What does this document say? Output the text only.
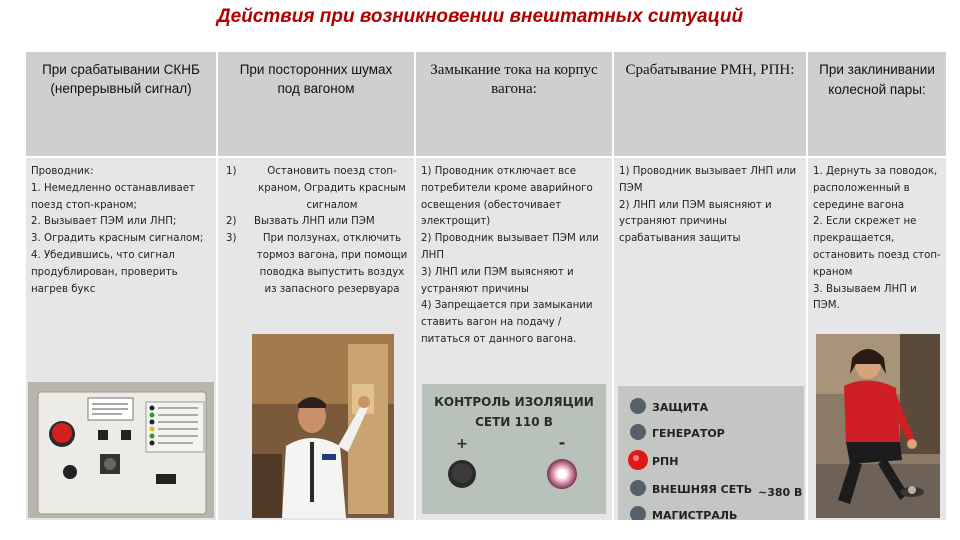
Действия при возникновении внештатных ситуаций
При срабатывании СКНБ (непрерывный сигнал)
Проводник:
1. Немедленно останавливает поезд стоп-краном;
2. Вызывает ПЭМ или ЛНП;
3. Оградить красным сигналом;
4. Убедившись, что сигнал продублирован, проверить нагрев букс
При посторонних шумах под вагоном
1)	Остановить поезд стоп-краном, Оградить красным сигналом
2)	Вызвать ЛНП или ПЭМ
3)	При ползунах, отключить тормоз вагона, при помощи поводка выпустить воздух из запасного резервуара
Замыкание тока на корпус вагона:
1) Проводник отключает все потребители кроме аварийного освещения (обесточивает электрощит)
2) Проводник вызывает ПЭМ или ЛНП
3) ЛНП или ПЭМ выясняют и устраняют причины
4) Запрещается при замыкании ставить вагон на подачу / питаться от данного вагона.
КОНТРОЛЬ ИЗОЛЯЦИИ
СЕТИ 110 В
+	-
Срабатывание РМН, РПН:
1) Проводник вызывает ЛНП или ПЭМ
2) ЛНП или ПЭМ выясняют и устраняют причины срабатывания защиты
ЗАЩИТА
ГЕНЕРАТОР
РПН
ВНЕШНЯЯ СЕТЬ ~380 В
МАГИСТРАЛЬ
При заклинивании колесной пары:
1. Дернуть за поводок, расположенный в середине вагона
2. Если скрежет не прекращается, остановить поезд стоп-краном
3. Вызываем ЛНП и ПЭМ.
